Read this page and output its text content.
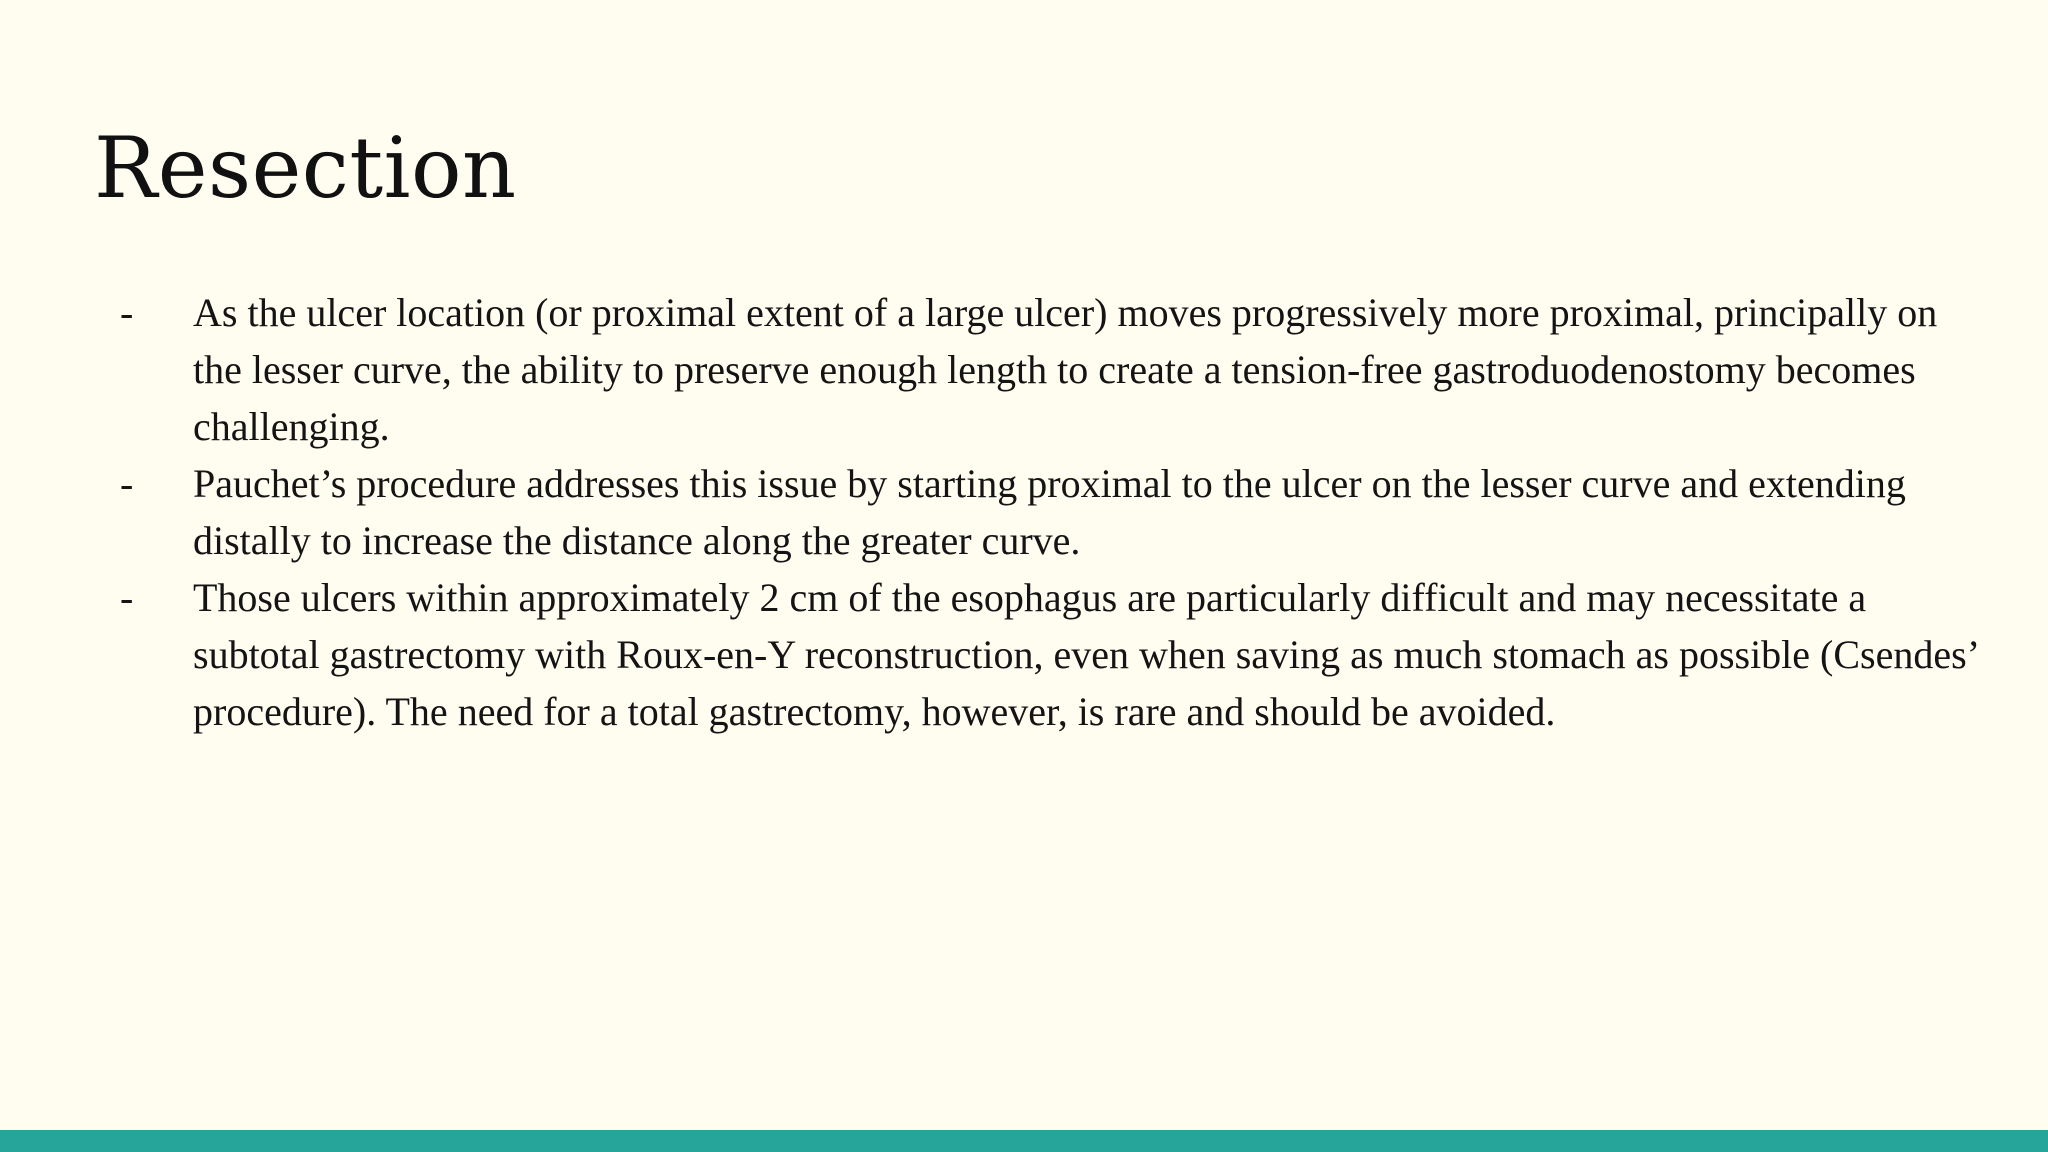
Resection
-	As the ulcer location (or proximal extent of a large ulcer) moves progressively more proximal, principally on the lesser curve, the ability to preserve enough length to create a tension-free gastroduodenostomy becomes challenging.
-	Pauchet’s procedure addresses this issue by starting proximal to the ulcer on the lesser curve and extending distally to increase the distance along the greater curve.
-	Those ulcers within approximately 2 cm of the esophagus are particularly difficult and may necessitate a subtotal gastrectomy with Roux-en-Y reconstruction, even when saving as much stomach as possible (Csendes’ procedure). The need for a total gastrectomy, however, is rare and should be avoided.
